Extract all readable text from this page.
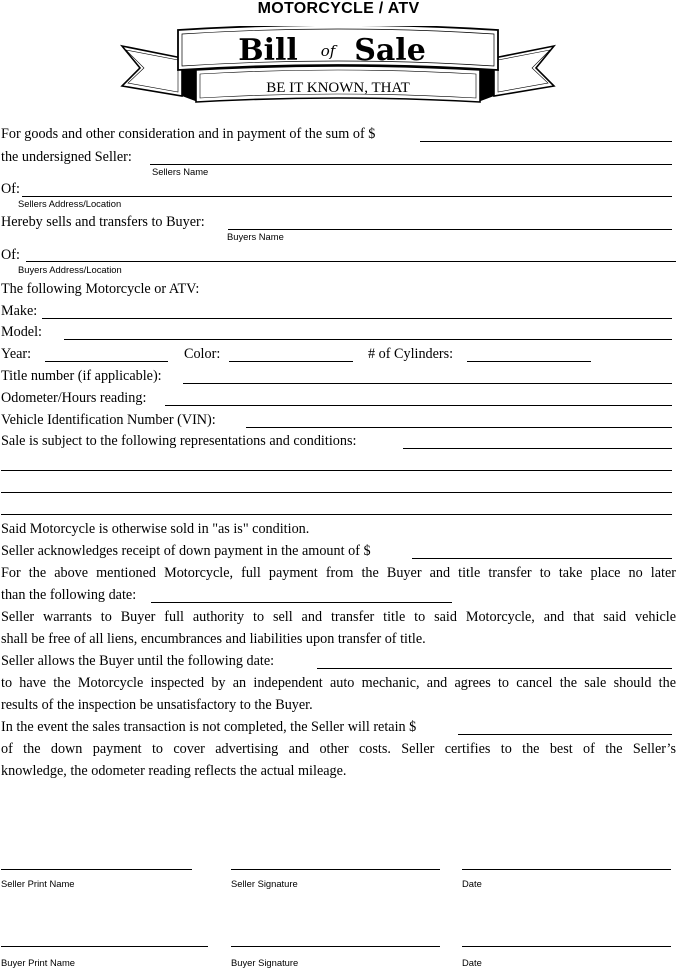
MOTORCYCLE / ATV
Bill of Sale
BE IT KNOWN, THAT
For goods and other consideration and in payment of the sum of $
the undersigned Seller:
Sellers Name
Of:
Sellers Address/Location
Hereby sells and transfers to Buyer:
Buyers Name
Of:
Buyers Address/Location
The following Motorcycle or ATV:
Make:
Model:
Year:	Color:	# of Cylinders:
Title number (if applicable):
Odometer/Hours reading:
Vehicle Identification Number (VIN):
Sale is subject to the following representations and conditions:
Said Motorcycle is otherwise sold in "as is" condition.
Seller acknowledges receipt of down payment in the amount of $
For the above mentioned Motorcycle, full payment from the Buyer and title transfer to take place no later
than the following date:
Seller warrants to Buyer full authority to sell and transfer title to said Motorcycle, and that said vehicle
shall be free of all liens, encumbrances and liabilities upon transfer of title.
Seller allows the Buyer until the following date:
to have the Motorcycle inspected by an independent auto mechanic, and agrees to cancel the sale should the
results of the inspection be unsatisfactory to the Buyer.
In the event the sales transaction is not completed, the Seller will retain $
of the down payment to cover advertising and other costs. Seller certifies to the best of the Seller’s
knowledge, the odometer reading reflects the actual mileage.
Seller Print Name	Seller Signature	Date
Buyer Print Name	Buyer Signature	Date
